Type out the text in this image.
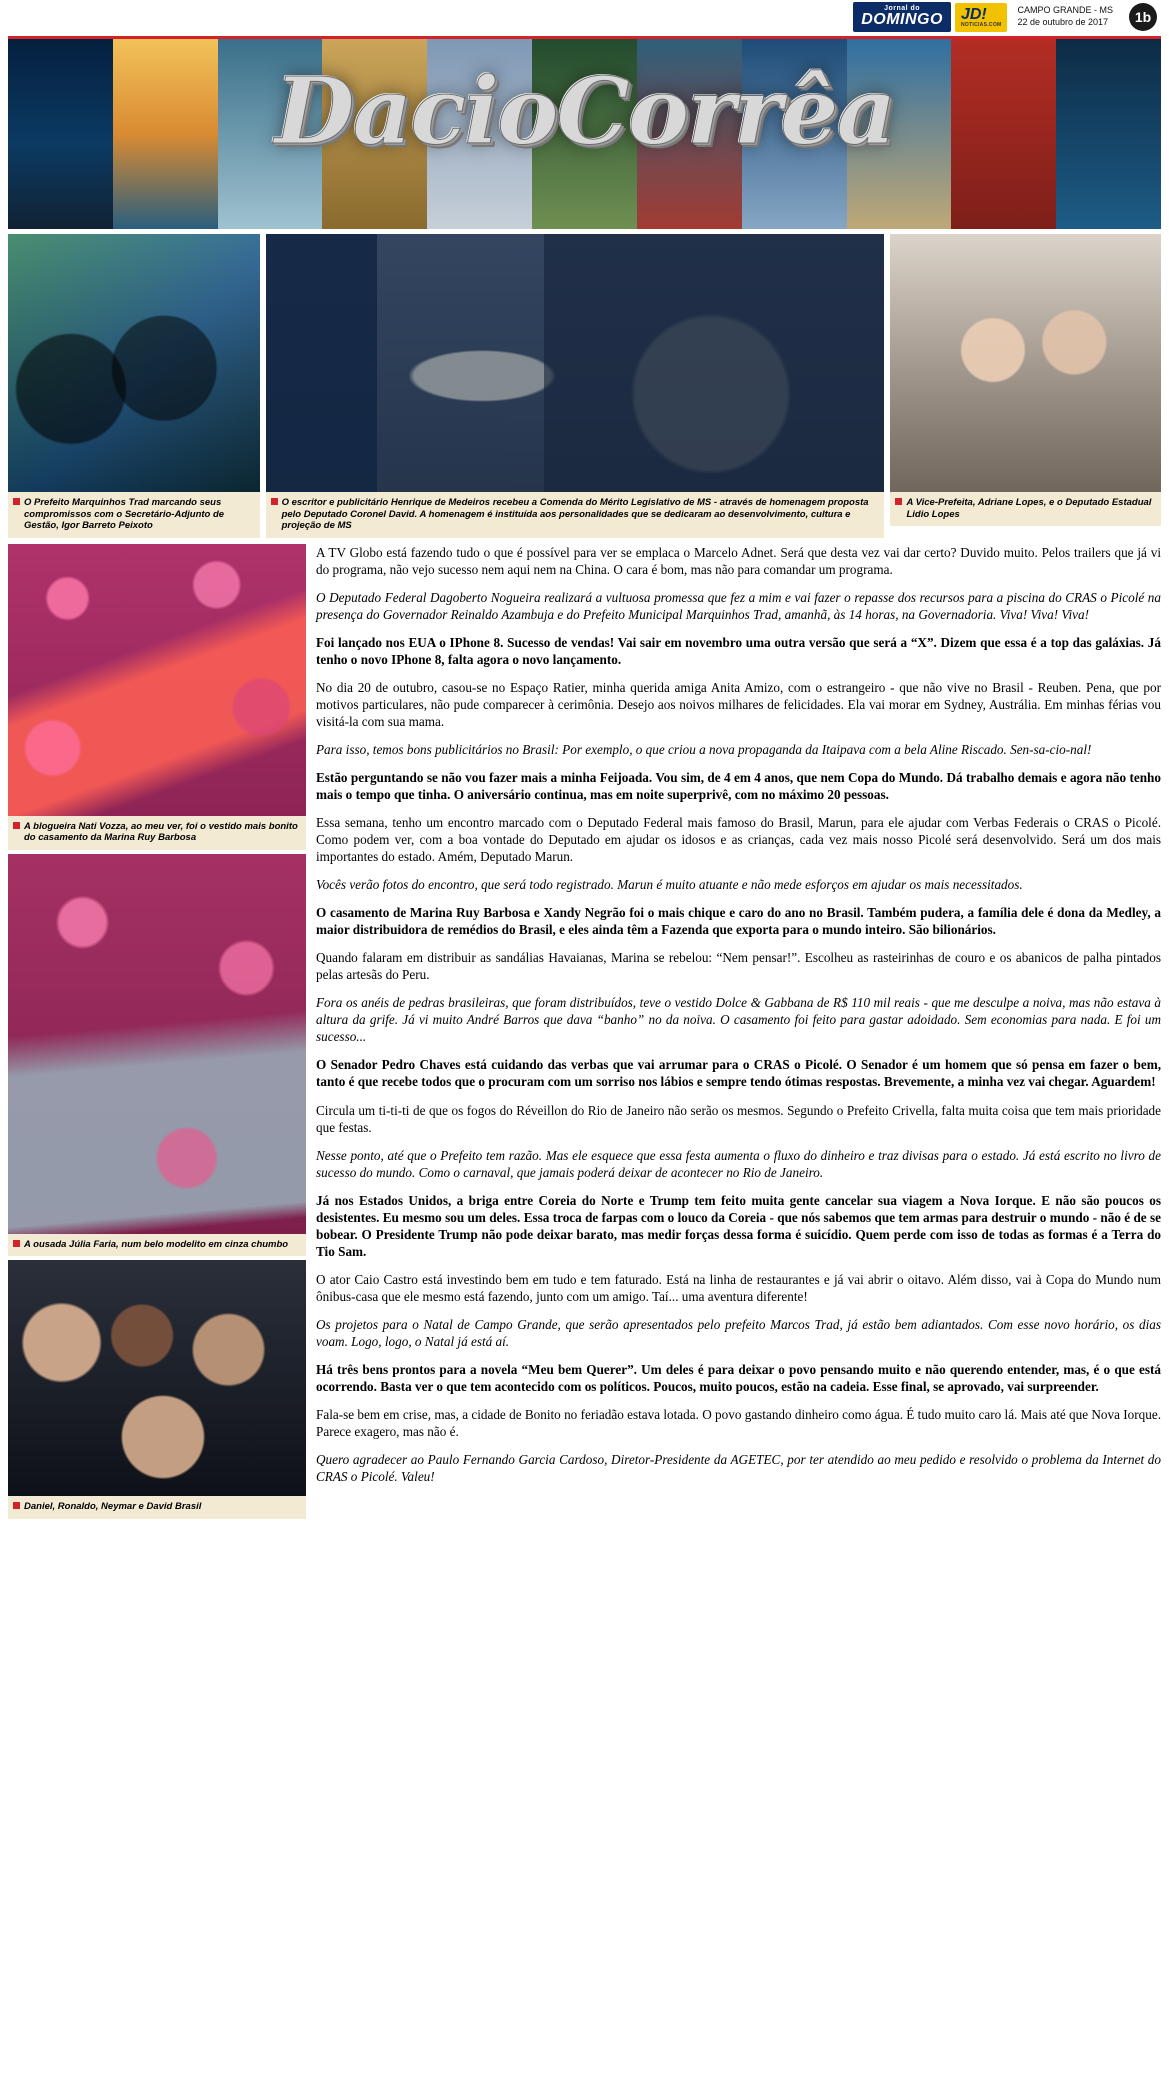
Jornal do
DOMINGO	JD!
NOTICIAS.COM
CAMPO GRANDE - MS
22 de outubro de 2017	1b
DacioCorrêa
O Prefeito Marquinhos Trad marcando seus compromissos com o Secretário-Adjunto de Gestão, Igor Barreto Peixoto
O escritor e publicitário Henrique de Medeiros recebeu a Comenda do Mérito Legislativo de MS - através de homenagem proposta pelo Deputado Coronel David. A homenagem é instituída aos personalidades que se dedicaram ao desenvolvimento, cultura e projeção de MS
A Vice-Prefeita, Adriane Lopes, e o Deputado Estadual Lidio Lopes
A blogueira Nati Vozza, ao meu ver, foi o vestido mais bonito do casamento da Marina Ruy Barbosa
A ousada Júlia Faria, num belo modelito em cinza chumbo
Daniel, Ronaldo, Neymar e David Brasil

A TV Globo está fazendo tudo o que é possível para ver se emplaca o Marcelo Adnet. Será que desta vez vai dar certo? Duvido muito. Pelos trailers que já vi do programa, não vejo sucesso nem aqui nem na China. O cara é bom, mas não para comandar um programa.

O Deputado Federal Dagoberto Nogueira realizará a vultuosa promessa que fez a mim e vai fazer o repasse dos recursos para a piscina do CRAS o Picolé na presença do Governador Reinaldo Azambuja e do Prefeito Municipal Marquinhos Trad, amanhã, às 14 horas, na Governadoria. Viva! Viva! Viva!

Foi lançado nos EUA o IPhone 8. Sucesso de vendas! Vai sair em novembro uma outra versão que será a “X”. Dizem que essa é a top das galáxias. Já tenho o novo IPhone 8, falta agora o novo lançamento.

No dia 20 de outubro, casou-se no Espaço Ratier, minha querida amiga Anita Amizo, com o estrangeiro - que não vive no Brasil - Reuben. Pena, que por motivos particulares, não pude comparecer à cerimônia. Desejo aos noivos milhares de felicidades. Ela vai morar em Sydney, Austrália. Em minhas férias vou visitá-la com sua mama.

Para isso, temos bons publicitários no Brasil: Por exemplo, o que criou a nova propaganda da Itaipava com a bela Aline Riscado. Sen-sa-cio-nal!

Estão perguntando se não vou fazer mais a minha Feijoada. Vou sim, de 4 em 4 anos, que nem Copa do Mundo. Dá trabalho demais e agora não tenho mais o tempo que tinha. O aniversário continua, mas em noite superprivê, com no máximo 20 pessoas.

Essa semana, tenho um encontro marcado com o Deputado Federal mais famoso do Brasil, Marun, para ele ajudar com Verbas Federais o CRAS o Picolé. Como podem ver, com a boa vontade do Deputado em ajudar os idosos e as crianças, cada vez mais nosso Picolé será desenvolvido. Será um dos mais importantes do estado. Amém, Deputado Marun.

Vocês verão fotos do encontro, que será todo registrado. Marun é muito atuante e não mede esforços em ajudar os mais necessitados.

O casamento de Marina Ruy Barbosa e Xandy Negrão foi o mais chique e caro do ano no Brasil. Também pudera, a família dele é dona da Medley, a maior distribuidora de remédios do Brasil, e eles ainda têm a Fazenda que exporta para o mundo inteiro. São bilionários.

Quando falaram em distribuir as sandálias Havaianas, Marina se rebelou: “Nem pensar!”. Escolheu as rasteirinhas de couro e os abanicos de palha pintados pelas artesãs do Peru.

Fora os anéis de pedras brasileiras, que foram distribuídos, teve o vestido Dolce & Gabbana de R$ 110 mil reais - que me desculpe a noiva, mas não estava à altura da grife. Já vi muito André Barros que dava “banho” no da noiva. O casamento foi feito para gastar adoidado. Sem economias para nada. E foi um sucesso...

O Senador Pedro Chaves está cuidando das verbas que vai arrumar para o CRAS o Picolé. O Senador é um homem que só pensa em fazer o bem, tanto é que recebe todos que o procuram com um sorriso nos lábios e sempre tendo ótimas respostas. Brevemente, a minha vez vai chegar. Aguardem!

Circula um ti-ti-ti de que os fogos do Réveillon do Rio de Janeiro não serão os mesmos. Segundo o Prefeito Crivella, falta muita coisa que tem mais prioridade que festas.

Nesse ponto, até que o Prefeito tem razão. Mas ele esquece que essa festa aumenta o fluxo do dinheiro e traz divisas para o estado. Já está escrito no livro de sucesso do mundo. Como o carnaval, que jamais poderá deixar de acontecer no Rio de Janeiro.

Já nos Estados Unidos, a briga entre Coreia do Norte e Trump tem feito muita gente cancelar sua viagem a Nova Iorque. E não são poucos os desistentes. Eu mesmo sou um deles. Essa troca de farpas com o louco da Coreia - que nós sabemos que tem armas para destruir o mundo - não é de se bobear. O Presidente Trump não pode deixar barato, mas medir forças dessa forma é suicídio. Quem perde com isso de todas as formas é a Terra do Tio Sam.

O ator Caio Castro está investindo bem em tudo e tem faturado. Está na linha de restaurantes e já vai abrir o oitavo. Além disso, vai à Copa do Mundo num ônibus-casa que ele mesmo está fazendo, junto com um amigo. Taí... uma aventura diferente!

Os projetos para o Natal de Campo Grande, que serão apresentados pelo prefeito Marcos Trad, já estão bem adiantados. Com esse novo horário, os dias voam. Logo, logo, o Natal já está aí.

Há três bens prontos para a novela “Meu bem Querer”. Um deles é para deixar o povo pensando muito e não querendo entender, mas, é o que está ocorrendo. Basta ver o que tem acontecido com os políticos. Poucos, muito poucos, estão na cadeia. Esse final, se aprovado, vai surpreender.

Fala-se bem em crise, mas, a cidade de Bonito no feriadão estava lotada. O povo gastando dinheiro como água. É tudo muito caro lá. Mais até que Nova Iorque. Parece exagero, mas não é.

Quero agradecer ao Paulo Fernando Garcia Cardoso, Diretor-Presidente da AGETEC, por ter atendido ao meu pedido e resolvido o problema da Internet do CRAS o Picolé. Valeu!
